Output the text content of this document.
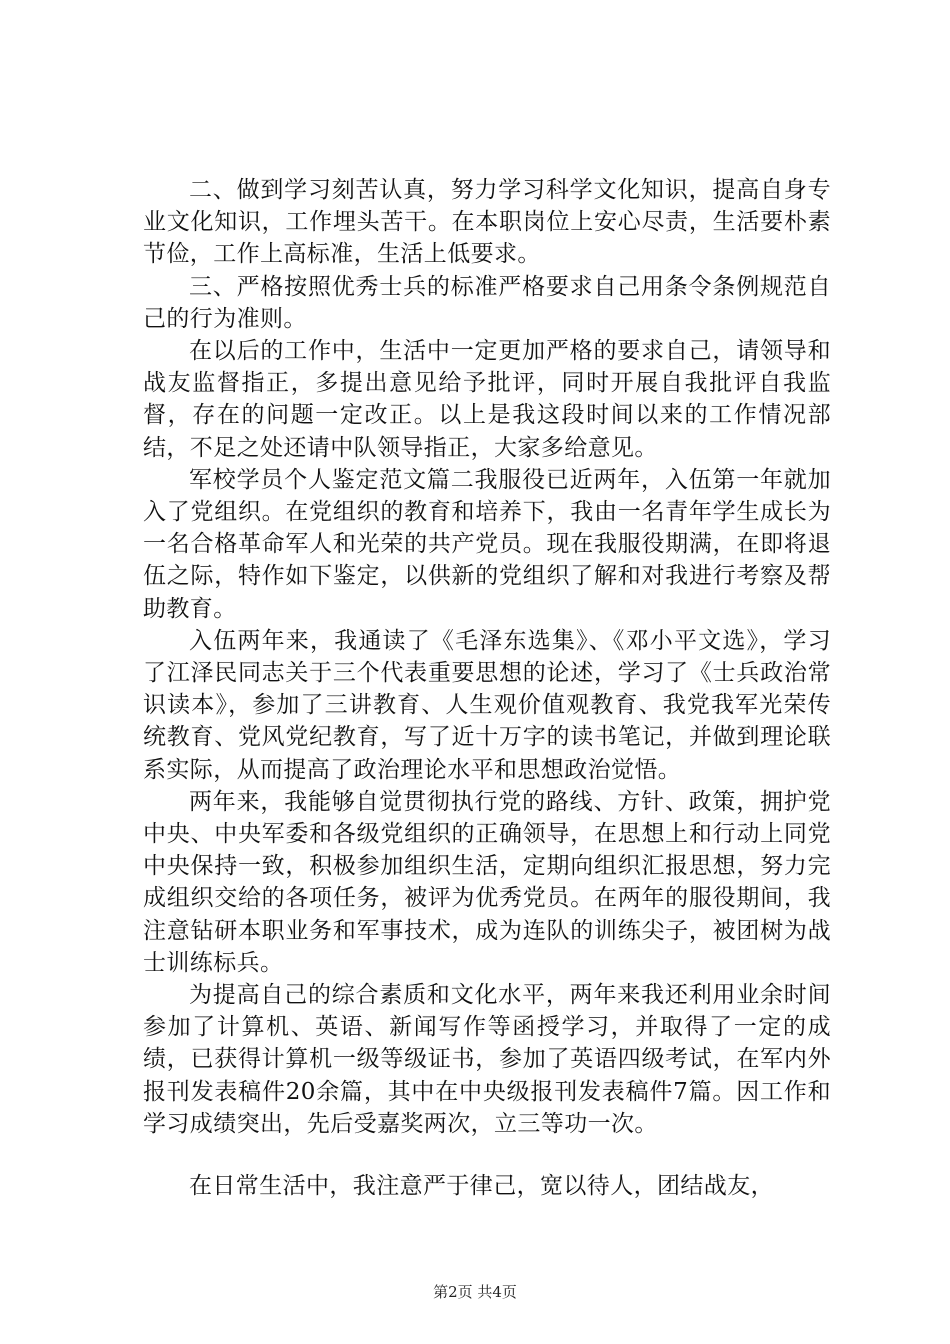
二、做到学习刻苦认真，努力学习科学文化知识，提高自身专业文化知识，工作埋头苦干。在本职岗位上安心尽责，生活要朴素节俭，工作上高标准，生活上低要求。

三、严格按照优秀士兵的标准严格要求自己用条令条例规范自己的行为准则。

在以后的工作中，生活中一定更加严格的要求自己，请领导和战友监督指正，多提出意见给予批评，同时开展自我批评自我监督，存在的问题一定改正。以上是我这段时间以来的工作情况部结，不足之处还请中队领导指正，大家多给意见。

军校学员个人鉴定范文篇二我服役已近两年，入伍第一年就加入了党组织。在党组织的教育和培养下，我由一名青年学生成长为一名合格革命军人和光荣的共产党员。现在我服役期满，在即将退伍之际，特作如下鉴定，以供新的党组织了解和对我进行考察及帮助教育。

入伍两年来，我通读了《毛泽东选集》、《邓小平文选》，学习了江泽民同志关于三个代表重要思想的论述，学习了《士兵政治常识读本》，参加了三讲教育、人生观价值观教育、我党我军光荣传统教育、党风党纪教育，写了近十万字的读书笔记，并做到理论联系实际，从而提高了政治理论水平和思想政治觉悟。

两年来，我能够自觉贯彻执行党的路线、方针、政策，拥护党中央、中央军委和各级党组织的正确领导，在思想上和行动上同党中央保持一致，积极参加组织生活，定期向组织汇报思想，努力完成组织交给的各项任务，被评为优秀党员。在两年的服役期间，我注意钻研本职业务和军事技术，成为连队的训练尖子，被团树为战士训练标兵。

为提高自己的综合素质和文化水平，两年来我还利用业余时间参加了计算机、英语、新闻写作等函授学习，并取得了一定的成绩，已获得计算机一级等级证书，参加了英语四级考试，在军内外报刊发表稿件20余篇，其中在中央级报刊发表稿件7篇。因工作和学习成绩突出，先后受嘉奖两次，立三等功一次。

在日常生活中，我注意严于律己，宽以待人，团结战友，

第2页 共4页
